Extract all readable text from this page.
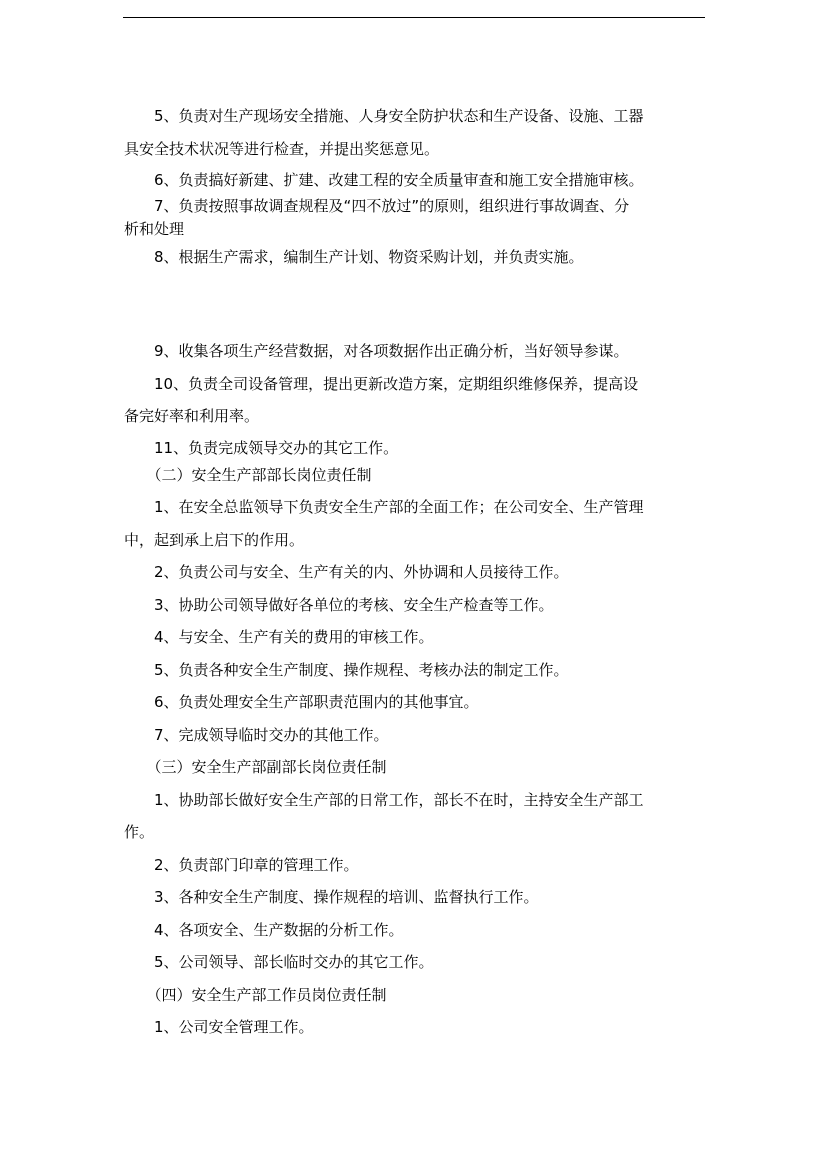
　　5、负责对生产现场安全措施、人身安全防护状态和生产设备、设施、工器
具安全技术状况等进行检查，并提出奖惩意见。
　　6、负责搞好新建、扩建、改建工程的安全质量审查和施工安全措施审核。
　　7、负责按照事故调查规程及“四不放过”的原则，组织进行事故调查、分
析和处理
　　8、根据生产需求，编制生产计划、物资采购计划，并负责实施。
　　9、收集各项生产经营数据，对各项数据作出正确分析，当好领导参谋。
　　10、负责全司设备管理，提出更新改造方案，定期组织维修保养，提高设
备完好率和利用率。
　　11、负责完成领导交办的其它工作。
　　（二）安全生产部部长岗位责任制
　　1、在安全总监领导下负责安全生产部的全面工作；在公司安全、生产管理
中，起到承上启下的作用。
　　2、负责公司与安全、生产有关的内、外协调和人员接待工作。
　　3、协助公司领导做好各单位的考核、安全生产检查等工作。
　　4、与安全、生产有关的费用的审核工作。
　　5、负责各种安全生产制度、操作规程、考核办法的制定工作。
　　6、负责处理安全生产部职责范围内的其他事宜。
　　7、完成领导临时交办的其他工作。
　　（三）安全生产部副部长岗位责任制
　　1、协助部长做好安全生产部的日常工作，部长不在时，主持安全生产部工
作。
　　2、负责部门印章的管理工作。
　　3、各种安全生产制度、操作规程的培训、监督执行工作。
　　4、各项安全、生产数据的分析工作。
　　5、公司领导、部长临时交办的其它工作。
　　（四）安全生产部工作员岗位责任制
　　1、公司安全管理工作。
